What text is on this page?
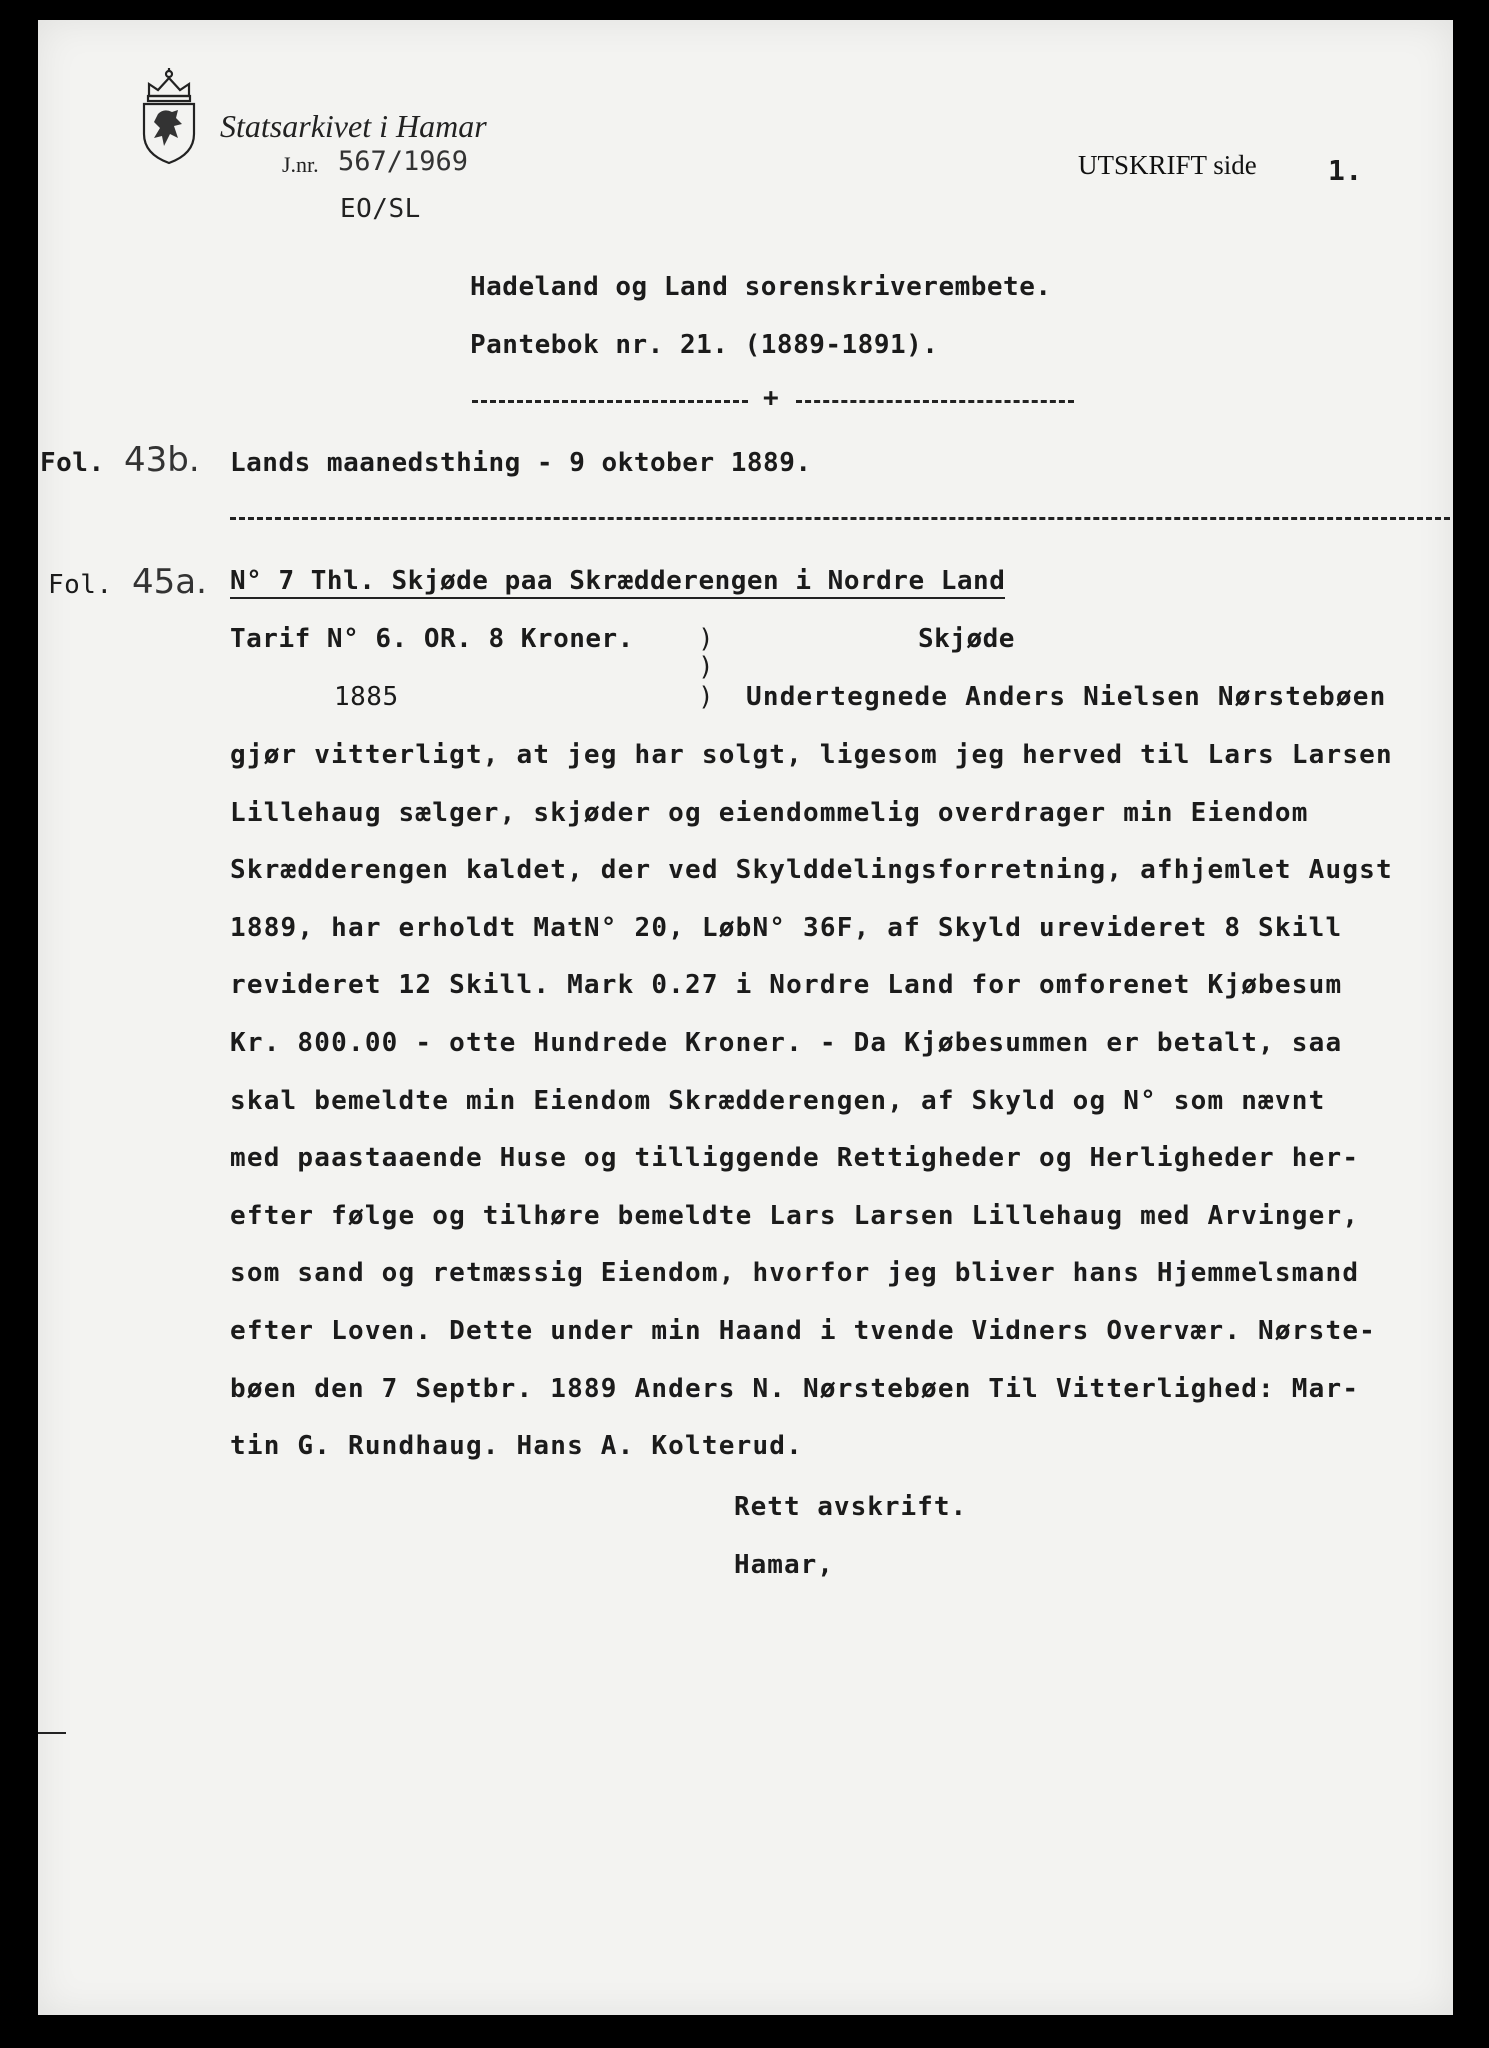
Statsarkivet i Hamar
J.nr. 567/1969
EO/SL
UTSKRIFT side	1.
Hadeland og Land sorenskriverembete.
Pantebok nr. 21. (1889-1891).
+
Fol. 43b. Lands maanedsthing - 9 oktober 1889.
Fol. 45a. N° 7 Thl. Skjøde paa Skrædderengen i Nordre Land
Tarif N° 6. OR. 8 Kroner. )
)
)
Skjøde
1885	Undertegnede Anders Nielsen Nørstebøen
gjør vitterligt, at jeg har solgt, ligesom jeg herved til Lars Larsen
Lillehaug sælger, skjøder og eiendommelig overdrager min Eiendom
Skrædderengen kaldet, der ved Skylddelingsforretning, afhjemlet Augst
1889, har erholdt MatN° 20, LøbN° 36F, af Skyld urevideret 8 Skill
revideret 12 Skill. Mark 0.27 i Nordre Land for omforenet Kjøbesum
Kr. 800.00 - otte Hundrede Kroner. - Da Kjøbesummen er betalt, saa
skal bemeldte min Eiendom Skrædderengen, af Skyld og N° som nævnt
med paastaaende Huse og tilliggende Rettigheder og Herligheder her-
efter følge og tilhøre bemeldte Lars Larsen Lillehaug med Arvinger,
som sand og retmæssig Eiendom, hvorfor jeg bliver hans Hjemmelsmand
efter Loven. Dette under min Haand i tvende Vidners Overvær. Nørste-
bøen den 7 Septbr. 1889 Anders N. Nørstebøen Til Vitterlighed: Mar-
tin G. Rundhaug. Hans A. Kolterud.
Rett avskrift.
Hamar,
